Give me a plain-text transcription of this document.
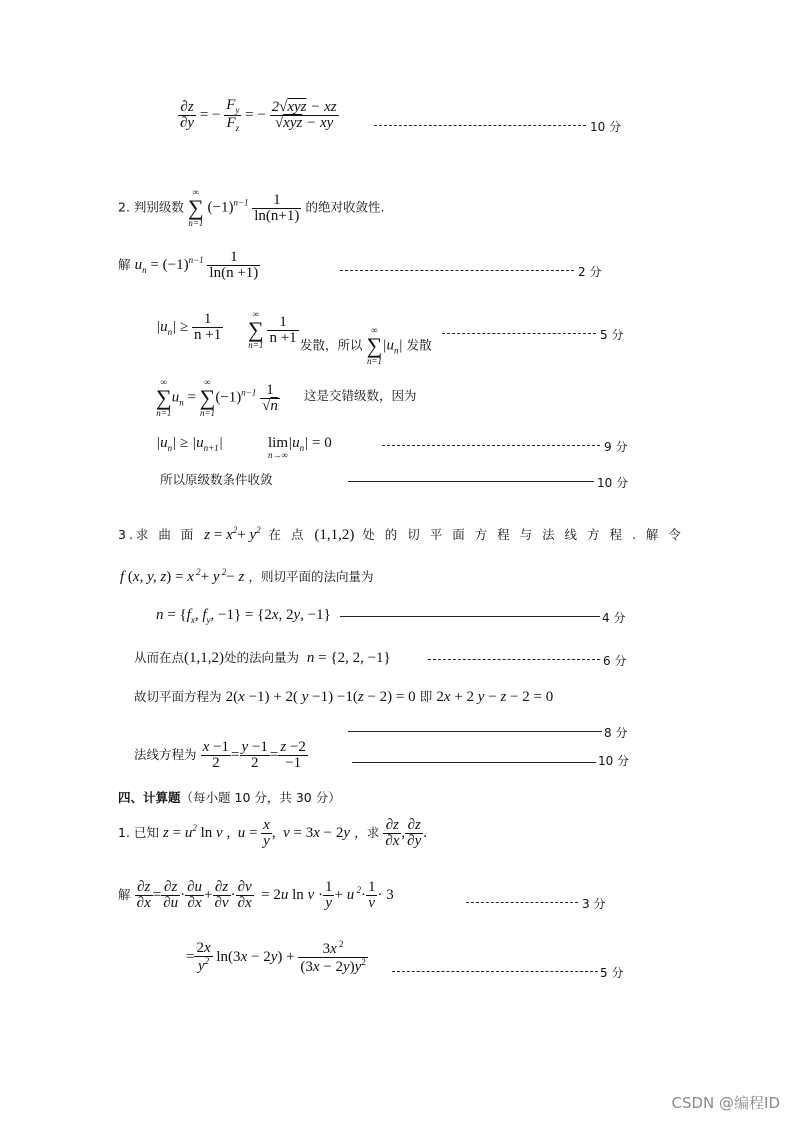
$\frac{\partial z}{\partial y}$ = − $\frac{F_y}{F_z}$ = − $\frac{\text{2√xyz − xz}}{\text{√xyz − xy}}$	10 分
2. 判别级数
∞
∑
n=1
$(-1)^{n-1} \frac{1}{\ln(n+1)}$ 的绝对收敛性.
解 $u_n = (-1)^{n-1} \frac{1}{\ln(n +1)}$	2 分
$|u_n| \ge \frac{1}{n +1}$	∞
∑
n=1
$\frac{1}{n +1}$ 发散，所以
∞
∑
n=1
$|u_n|$ 发散
5 分
∞
∑
n=1
$u_n$ =
∞
∑
n=1
$(-1)^{n-1} \frac{1}{√n}$ 这是交错级数，因为
$|u_n| \ge |u_{n+1}|$	lim
n→∞
$|u_n| = 0$	9 分
所以原级数条件收敛	10 分
3.求 曲 面  $z = x^2+ y^2$ 在 点  (1,1,2)  处 的 切 平 面 方 程 与 法 线 方 程 . 解 令
f (x, y, z) = x $^2$+ y $^2$− z ，则切平面的法向量为
$n = \{f_x$, $f_y$, −1} = {2x, 2y, −1}	4 分
从而在点(1,1,2)处的法向量为  n = {2, 2, −1}	6 分
故切平面方程为 2(x −1) + 2( y −1) −1(z − 2) = 0 即 2x + 2 y − z − 2 = 0
8 分
法线方程为 $\frac{x -1}{2} = \frac{y -1}{2} = \frac{z -2}{-1}$	10 分
四、计算题（每小题 10 分，共 30 分）
1. 已知 $z = u^2$ ln v ,  $u = \frac{x}{y}$ ,  v = 3x − 2y ，求 $\frac{\partial z}{\partial x}$ , $\frac{\partial z}{\partial y}$ .
解 $\frac{\partial z}{\partial x} = \frac{\partial z}{\partial u} \cdot \frac{\partial u}{\partial x} + \frac{\partial z}{\partial v} \cdot \frac{\partial v}{\partial x} = 2u$ $\ln v \cdot \frac{1}{y} + u$ $^2\cdot \frac{1}{v} \cdot 3$
3 分
= $\frac{2x}{y^2} \ln(3x - 2y) + \frac{3x ^2}{(3x - 2y)y^2}$	5 分
CSDN @编程ID
